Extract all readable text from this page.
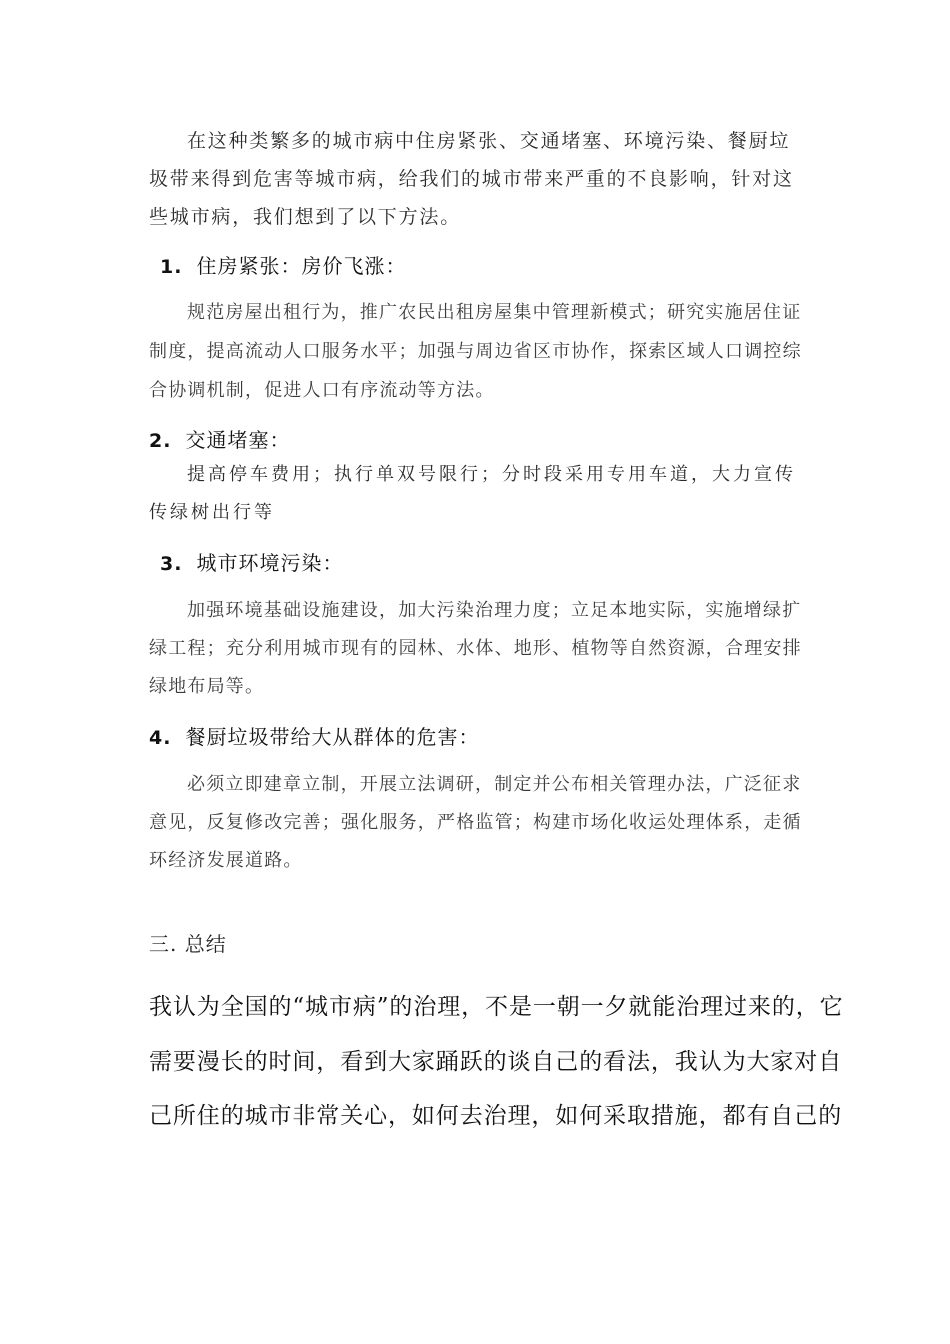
在这种类繁多的城市病中住房紧张、交通堵塞、环境污染、餐厨垃
圾带来得到危害等城市病，给我们的城市带来严重的不良影响，针对这
些城市病，我们想到了以下方法。
1. 住房紧张：房价飞涨：
规范房屋出租行为，推广农民出租房屋集中管理新模式；研究实施居住证
制度，提高流动人口服务水平；加强与周边省区市协作，探索区域人口调控综
合协调机制，促进人口有序流动等方法。
2. 交通堵塞：
提高停车费用；执行单双号限行；分时段采用专用车道，大力宣传
传绿树出行等
3. 城市环境污染：
加强环境基础设施建设，加大污染治理力度；立足本地实际，实施增绿扩
绿工程；充分利用城市现有的园林、水体、地形、植物等自然资源，合理安排
绿地布局等。
4. 餐厨垃圾带给大从群体的危害：
必须立即建章立制，开展立法调研，制定并公布相关管理办法，广泛征求
意见，反复修改完善；强化服务，严格监管；构建市场化收运处理体系，走循
环经济发展道路。
三. 总结
我认为全国的“城市病”的治理，不是一朝一夕就能治理过来的，它
需要漫长的时间，看到大家踊跃的谈自己的看法，我认为大家对自
己所住的城市非常关心，如何去治理，如何采取措施，都有自己的
